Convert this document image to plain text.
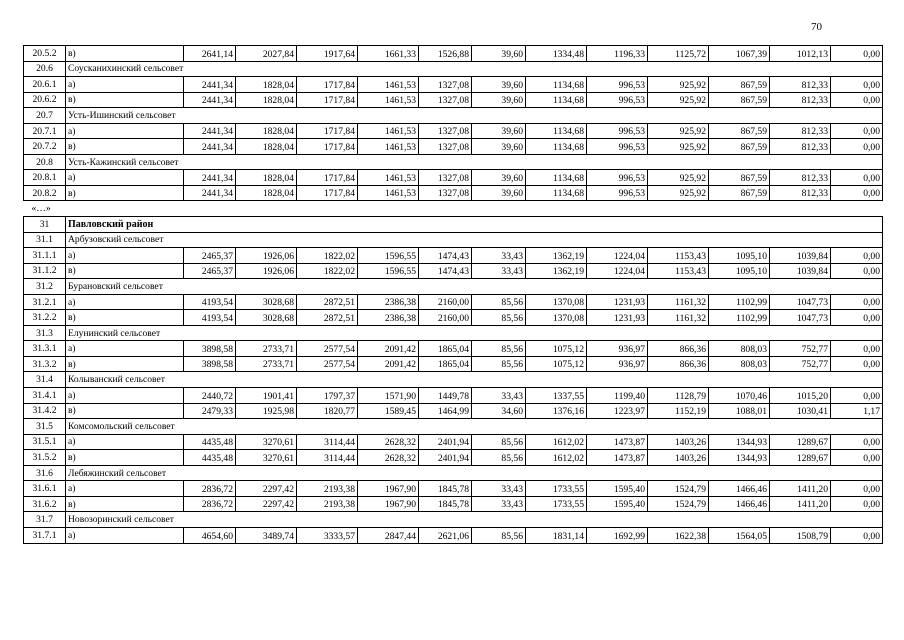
70
20.5.2	в)	2641,14	2027,84	1917,64	1661,33	1526,88	39,60	1334,48	1196,33	1125,72	1067,39	1012,13	0,00
20.6	Соусканихинский сельсовет												
20.6.1	а)	2441,34	1828,04	1717,84	1461,53	1327,08	39,60	1134,68	996,53	925,92	867,59	812,33	0,00
20.6.2	в)	2441,34	1828,04	1717,84	1461,53	1327,08	39,60	1134,68	996,53	925,92	867,59	812,33	0,00
20.7	Усть-Ишинский сельсовет												
20.7.1	а)	2441,34	1828,04	1717,84	1461,53	1327,08	39,60	1134,68	996,53	925,92	867,59	812,33	0,00
20.7.2	в)	2441,34	1828,04	1717,84	1461,53	1327,08	39,60	1134,68	996,53	925,92	867,59	812,33	0,00
20.8	Усть-Кажинский сельсовет												
20.8.1	а)	2441,34	1828,04	1717,84	1461,53	1327,08	39,60	1134,68	996,53	925,92	867,59	812,33	0,00
20.8.2	в)	2441,34	1828,04	1717,84	1461,53	1327,08	39,60	1134,68	996,53	925,92	867,59	812,33	0,00
«…»													
31	Павловский район												
31.1	Арбузовский сельсовет												
31.1.1	а)	2465,37	1926,06	1822,02	1596,55	1474,43	33,43	1362,19	1224,04	1153,43	1095,10	1039,84	0,00
31.1.2	в)	2465,37	1926,06	1822,02	1596,55	1474,43	33,43	1362,19	1224,04	1153,43	1095,10	1039,84	0,00
31.2	Бурановский сельсовет												
31.2.1	а)	4193,54	3028,68	2872,51	2386,38	2160,00	85,56	1370,08	1231,93	1161,32	1102,99	1047,73	0,00
31.2.2	в)	4193,54	3028,68	2872,51	2386,38	2160,00	85,56	1370,08	1231,93	1161,32	1102,99	1047,73	0,00
31.3	Елунинский сельсовет												
31.3.1	а)	3898,58	2733,71	2577,54	2091,42	1865,04	85,56	1075,12	936,97	866,36	808,03	752,77	0,00
31.3.2	в)	3898,58	2733,71	2577,54	2091,42	1865,04	85,56	1075,12	936,97	866,36	808,03	752,77	0,00
31.4	Колыванский сельсовет												
31.4.1	а)	2440,72	1901,41	1797,37	1571,90	1449,78	33,43	1337,55	1199,40	1128,79	1070,46	1015,20	0,00
31.4.2	в)	2479,33	1925,98	1820,77	1589,45	1464,99	34,60	1376,16	1223,97	1152,19	1088,01	1030,41	1,17
31.5	Комсомольский сельсовет												
31.5.1	а)	4435,48	3270,61	3114,44	2628,32	2401,94	85,56	1612,02	1473,87	1403,26	1344,93	1289,67	0,00
31.5.2	в)	4435,48	3270,61	3114,44	2628,32	2401,94	85,56	1612,02	1473,87	1403,26	1344,93	1289,67	0,00
31.6	Лебяжинский сельсовет												
31.6.1	а)	2836,72	2297,42	2193,38	1967,90	1845,78	33,43	1733,55	1595,40	1524,79	1466,46	1411,20	0,00
31.6.2	в)	2836,72	2297,42	2193,38	1967,90	1845,78	33,43	1733,55	1595,40	1524,79	1466,46	1411,20	0,00
31.7	Новозоринский сельсовет												
31.7.1	а)	4654,60	3489,74	3333,57	2847,44	2621,06	85,56	1831,14	1692,99	1622,38	1564,05	1508,79	0,00
